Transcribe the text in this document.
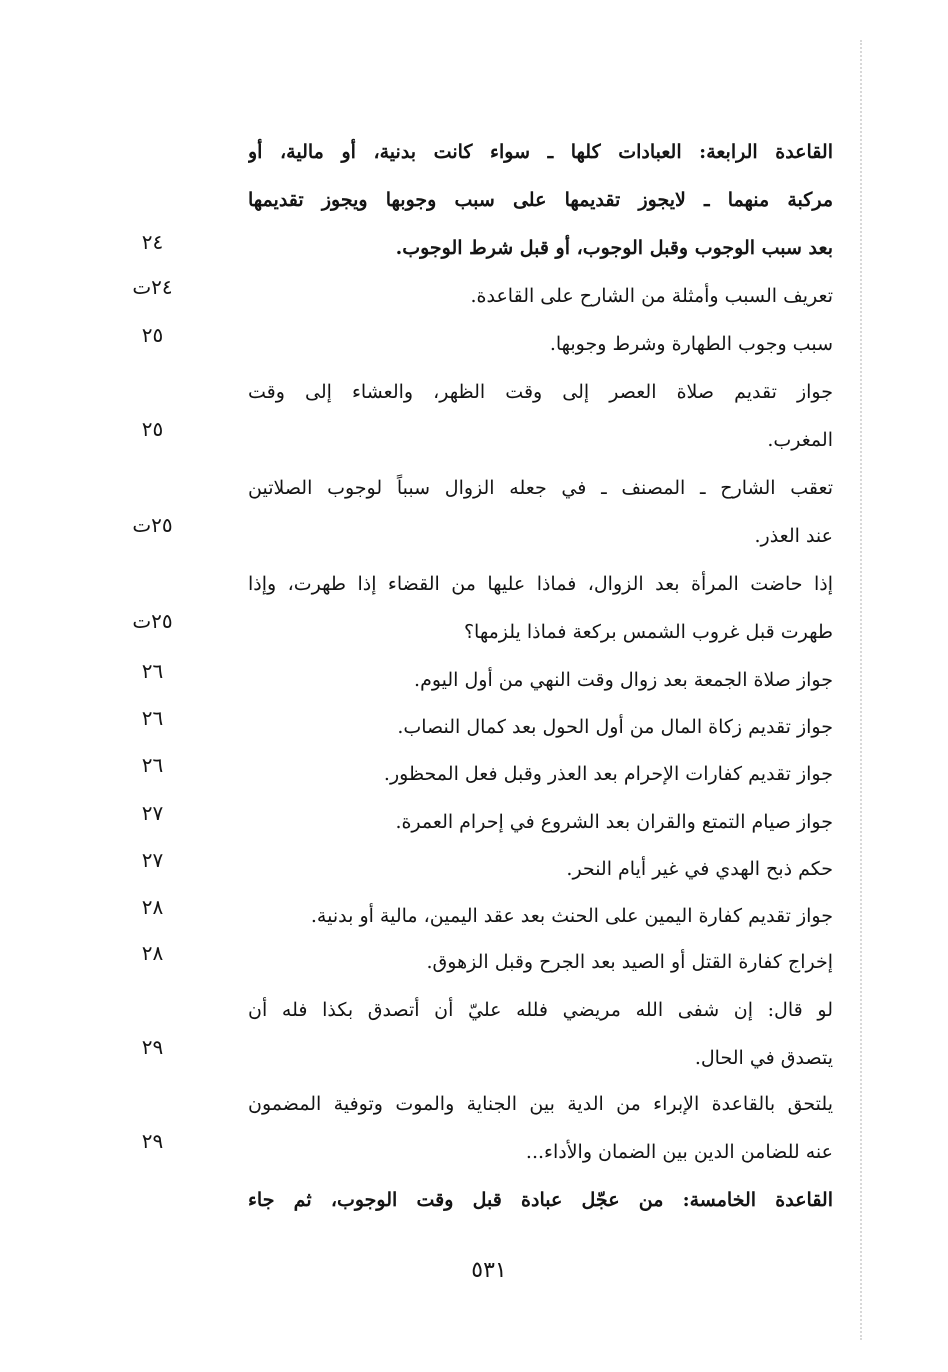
القاعدة الرابعة: العبادات كلها ـ سواء كانت بدنية، أو مالية، أو
مركبة منهما ـ لايجوز تقديمها على سبب وجوبها ويجوز تقديمها
بعد سبب الوجوب وقبل الوجوب، أو قبل شرط الوجوب.
٢٤
تعريف السبب وأمثلة من الشارح على القاعدة.
٢٤ت
سبب وجوب الطهارة وشرط وجوبها.
٢٥
جواز تقديم صلاة العصر إلى وقت الظهر، والعشاء إلى وقت
المغرب.
٢٥
تعقب الشارح ـ المصنف ـ في جعله الزوال سبباً لوجوب الصلاتين
عند العذر.
٢٥ت
إذا حاضت المرأة بعد الزوال، فماذا عليها من القضاء إذا طهرت، وإذا
طهرت قبل غروب الشمس بركعة فماذا يلزمها؟
٢٥ت
جواز صلاة الجمعة بعد زوال وقت النهي من أول اليوم.
٢٦
جواز تقديم زكاة المال من أول الحول بعد كمال النصاب.
٢٦
جواز تقديم كفارات الإحرام بعد العذر وقبل فعل المحظور.
٢٦
جواز صيام التمتع والقران بعد الشروع في إحرام العمرة.
٢٧
حكم ذبح الهدي في غير أيام النحر.
٢٧
جواز تقديم كفارة اليمين على الحنث بعد عقد اليمين، مالية أو بدنية.
٢٨
إخراج كفارة القتل أو الصيد بعد الجرح وقبل الزهوق.
٢٨
لو قال: إن شفى الله مريضي فلله عليّ أن أتصدق بكذا فله أن
يتصدق في الحال.
٢٩
يلتحق بالقاعدة الإبراء من الدية بين الجناية والموت وتوفية المضمون
عنه للضامن الدين بين الضمان والأداء...
٢٩
القاعدة الخامسة: من عجّل عبادة قبل وقت الوجوب، ثم جاء
٥٣١
